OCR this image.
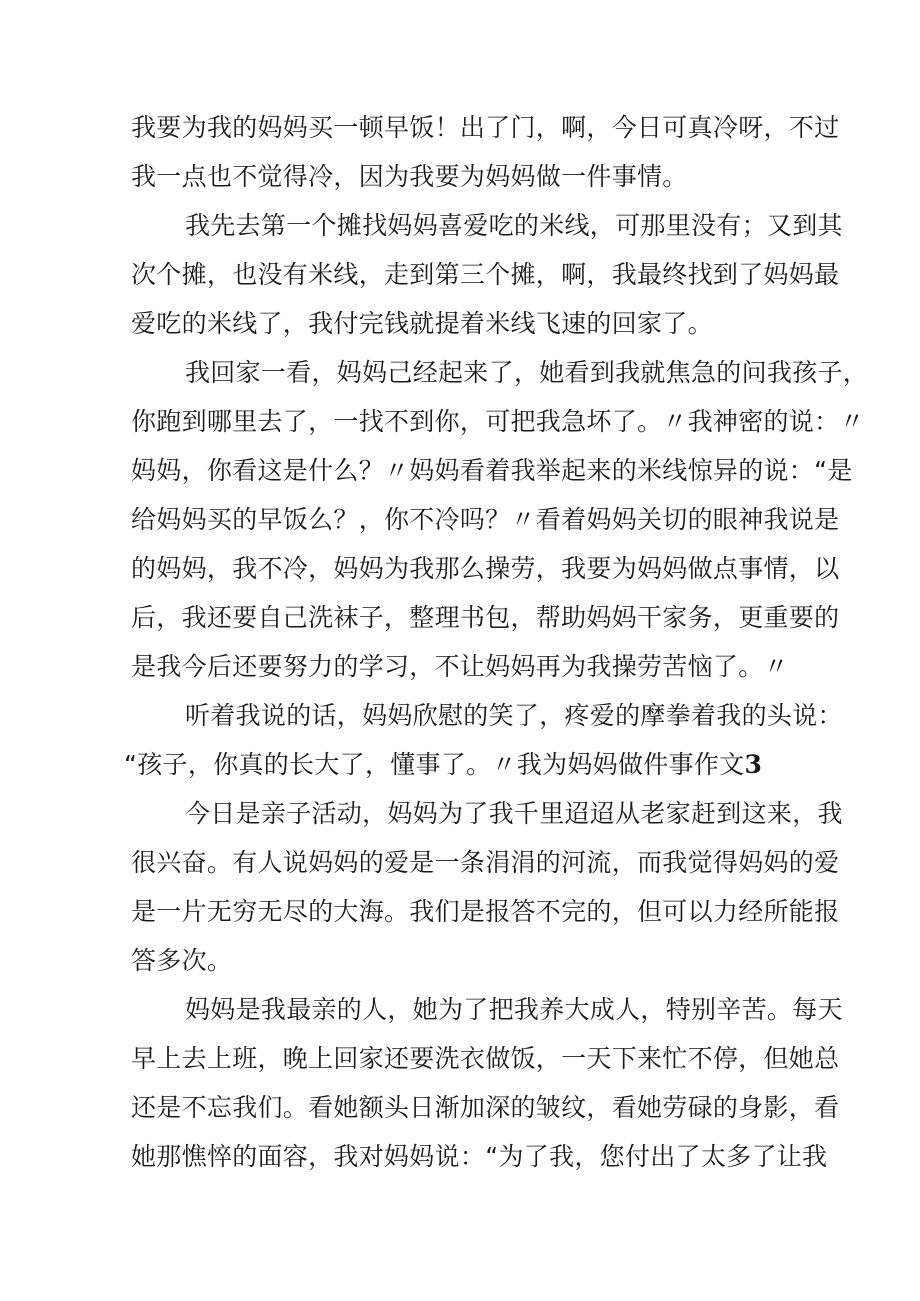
我要为我的妈妈买一顿早饭！出了门，啊，今日可真冷呀，不过
我一点也不觉得冷，因为我要为妈妈做一件事情。
我先去第一个摊找妈妈喜爱吃的米线，可那里没有；又到其
次个摊，也没有米线，走到第三个摊，啊，我最终找到了妈妈最
爱吃的米线了，我付完钱就提着米线飞速的回家了。
我回家一看，妈妈己经起来了，她看到我就焦急的问我孩子，
你跑到哪里去了，一找不到你，可把我急坏了。〃我神密的说：〃
妈妈，你看这是什么？〃妈妈看着我举起来的米线惊异的说：“是
给妈妈买的早饭么？，你不冷吗？〃看着妈妈关切的眼神我说是
的妈妈，我不冷，妈妈为我那么操劳，我要为妈妈做点事情，以
后，我还要自己洗袜子，整理书包，帮助妈妈干家务，更重要的
是我今后还要努力的学习，不让妈妈再为我操劳苦恼了。〃
听着我说的话，妈妈欣慰的笑了，疼爱的摩拳着我的头说：
“孩子，你真的长大了，懂事了。〃我为妈妈做件事作文3
今日是亲子活动，妈妈为了我千里迢迢从老家赶到这来，我
很兴奋。有人说妈妈的爱是一条涓涓的河流，而我觉得妈妈的爱
是一片无穷无尽的大海。我们是报答不完的，但可以力经所能报
答多次。
妈妈是我最亲的人，她为了把我养大成人，特别辛苦。每天
早上去上班，晚上回家还要洗衣做饭，一天下来忙不停，但她总
还是不忘我们。看她额头日渐加深的皱纹，看她劳碌的身影，看
她那憔悴的面容，我对妈妈说：“为了我，您付出了太多了让我
